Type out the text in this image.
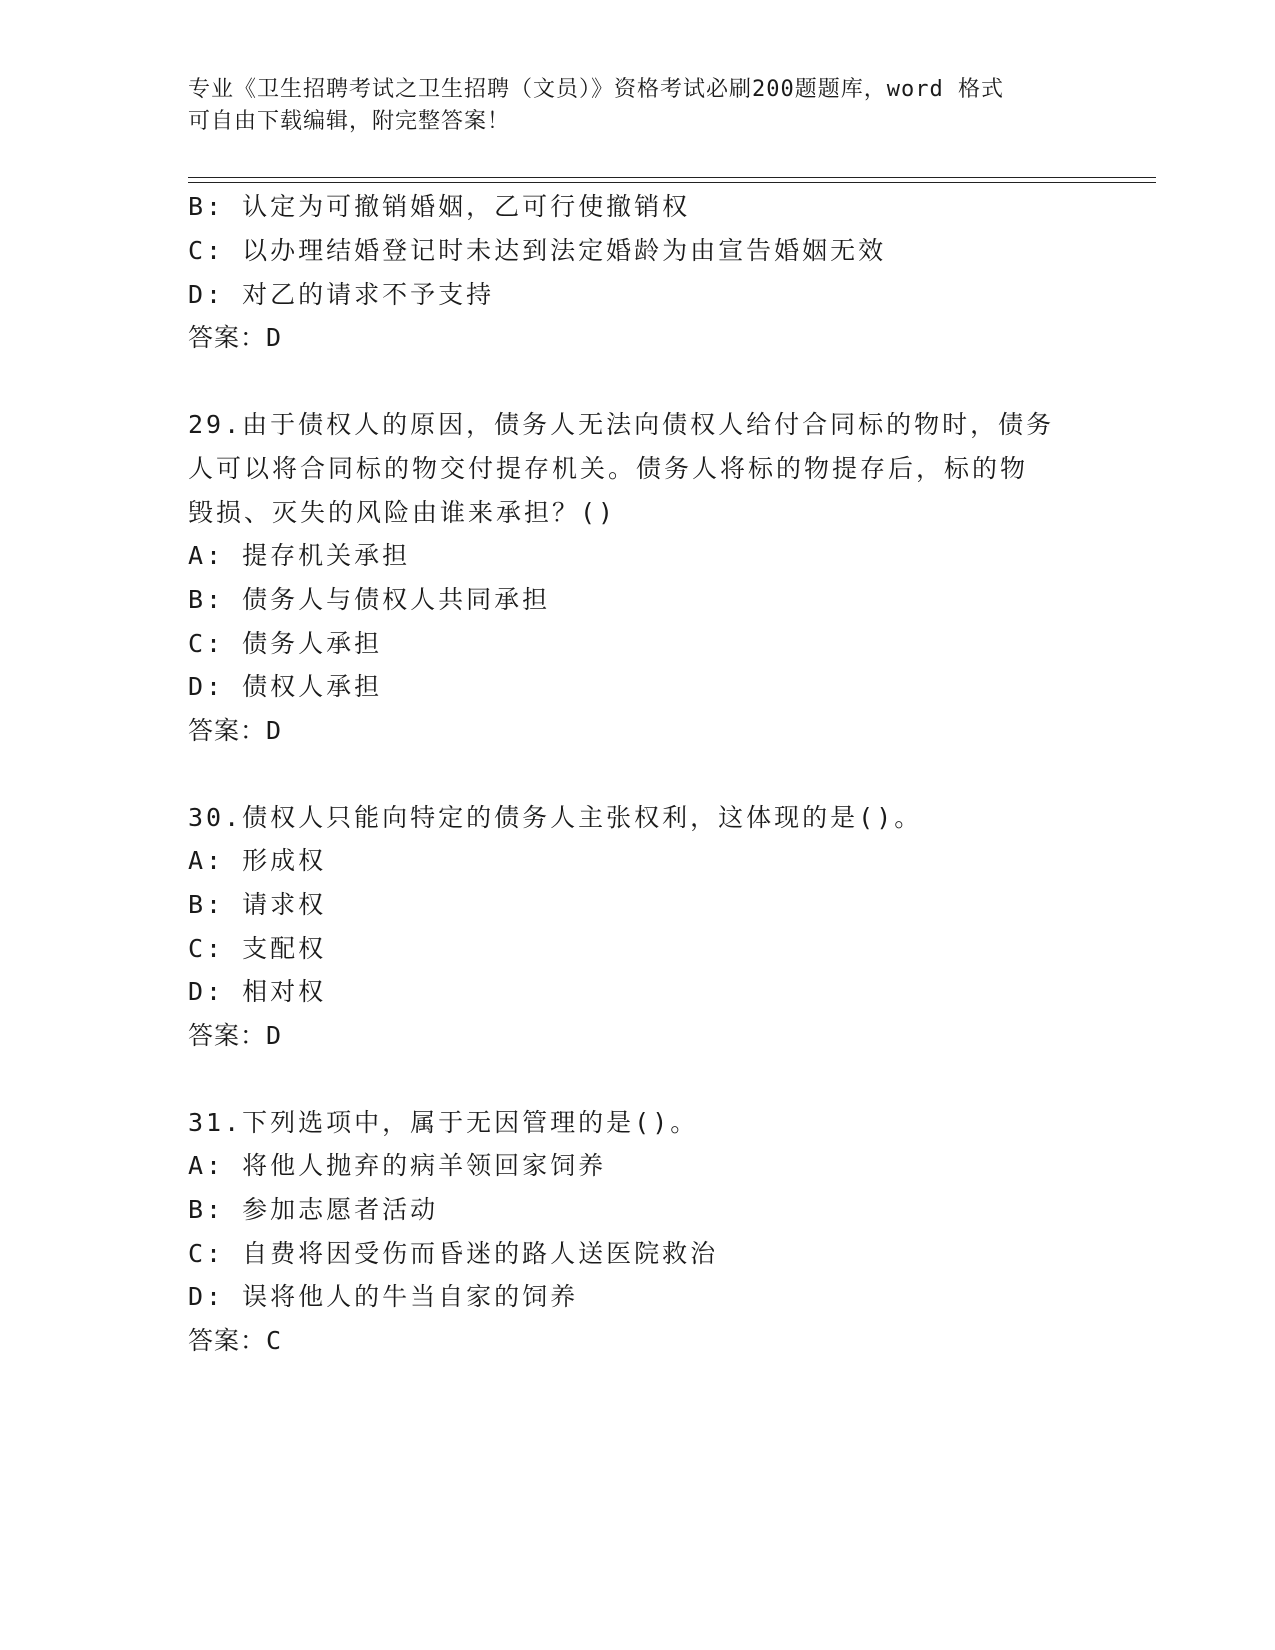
专业《卫生招聘考试之卫生招聘（文员）》资格考试必刷200题题库，word 格式
可自由下载编辑，附完整答案！
B: 认定为可撤销婚姻，乙可行使撤销权
C: 以办理结婚登记时未达到法定婚龄为由宣告婚姻无效
D: 对乙的请求不予支持
答案：D
29.由于债权人的原因，债务人无法向债权人给付合同标的物时，债务
人可以将合同标的物交付提存机关。债务人将标的物提存后，标的物
毁损、灭失的风险由谁来承担？()
A: 提存机关承担
B: 债务人与债权人共同承担
C: 债务人承担
D: 债权人承担
答案：D
30.债权人只能向特定的债务人主张权利，这体现的是()。
A: 形成权
B: 请求权
C: 支配权
D: 相对权
答案：D
31.下列选项中，属于无因管理的是()。
A: 将他人抛弃的病羊领回家饲养
B: 参加志愿者活动
C: 自费将因受伤而昏迷的路人送医院救治
D: 误将他人的牛当自家的饲养
答案：C
